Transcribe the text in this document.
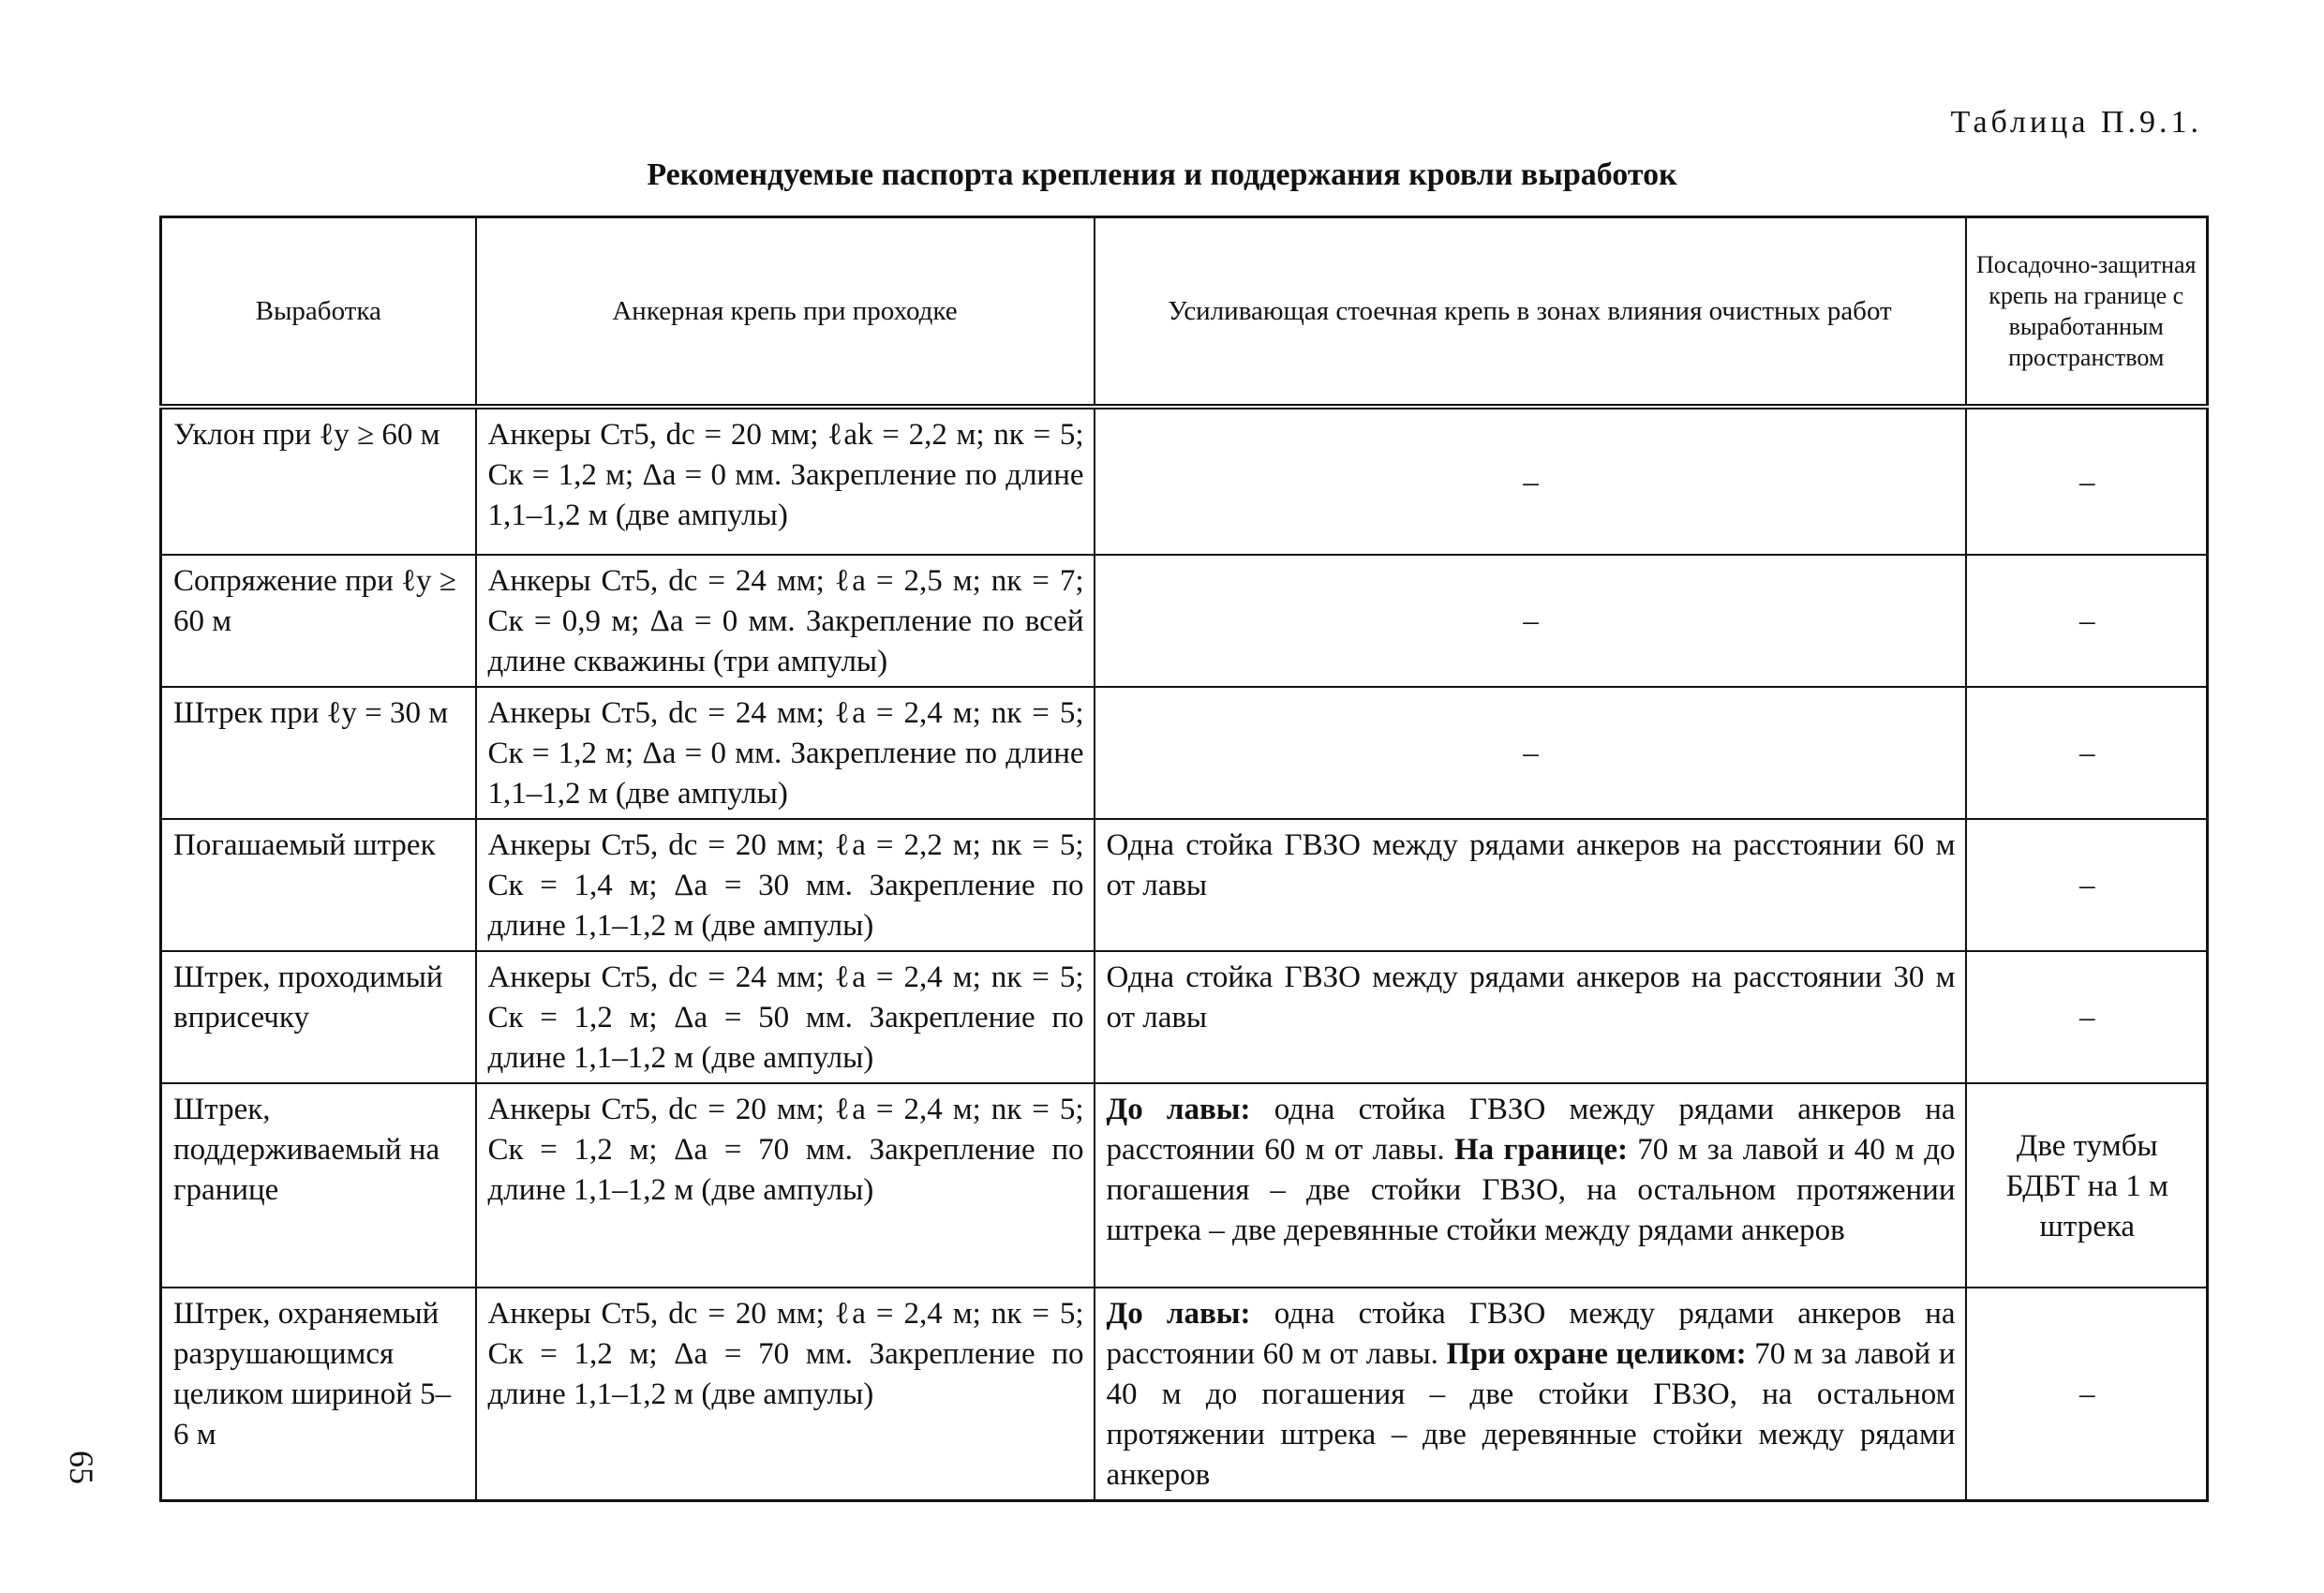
Таблица П.9.1.
Рекомендуемые паспорта крепления и поддержания кровли выработок
65
Выработка	Анкерная крепь при проходке	Усиливающая стоечная крепь в зонах влияния очистных работ	Посадочно-защитная крепь на границе с выработанным пространством
Уклон при ℓу ≥ 60 м	Анкеры Ст5, dc = 20 мм; ℓak = 2,2 м; nк = 5; Cк = 1,2 м; Δa = 0 мм. Закрепление по длине 1,1–1,2 м (две ампулы)	–	–
Сопряжение при ℓу ≥ 60 м	Анкеры Ст5, dc = 24 мм; ℓa = 2,5 м; nк = 7; Cк = 0,9 м; Δa = 0 мм. Закрепление по всей длине скважины (три ампулы)	–	–
Штрек при ℓу = 30 м	Анкеры Ст5, dc = 24 мм; ℓa = 2,4 м; nк = 5; Cк = 1,2 м; Δa = 0 мм. Закрепление по длине 1,1–1,2 м (две ампулы)	–	–
Погашаемый штрек	Анкеры Ст5, dc = 20 мм; ℓa = 2,2 м; nк = 5; Cк = 1,4 м; Δa = 30 мм. Закрепление по длине 1,1–1,2 м (две ампулы)	Одна стойка ГВЗО между рядами анкеров на расстоянии 60 м от лавы	–
Штрек, проходимый вприсечку	Анкеры Ст5, dc = 24 мм; ℓa = 2,4 м; nк = 5; Cк = 1,2 м; Δa = 50 мм. Закрепление по длине 1,1–1,2 м (две ампулы)	Одна стойка ГВЗО между рядами анкеров на расстоянии 30 м от лавы	–
Штрек, поддерживаемый на границе	Анкеры Ст5, dc = 20 мм; ℓa = 2,4 м; nк = 5; Cк = 1,2 м; Δa = 70 мм. Закрепление по длине 1,1–1,2 м (две ампулы)	До лавы: одна стойка ГВЗО между рядами анкеров на расстоянии 60 м от лавы. На границе: 70 м за лавой и 40 м до погашения – две стойки ГВЗО, на остальном протяжении штрека – две деревянные стойки между рядами анкеров	Две тумбы БДБТ на 1 м штрека
Штрек, охраняемый разрушающимся целиком шириной 5–6 м	Анкеры Ст5, dc = 20 мм; ℓa = 2,4 м; nк = 5; Cк = 1,2 м; Δa = 70 мм. Закрепление по длине 1,1–1,2 м (две ампулы)	До лавы: одна стойка ГВЗО между рядами анкеров на расстоянии 60 м от лавы. При охране целиком: 70 м за лавой и 40 м до погашения – две стойки ГВЗО, на остальном протяжении штрека – две деревянные стойки между рядами анкеров	–
